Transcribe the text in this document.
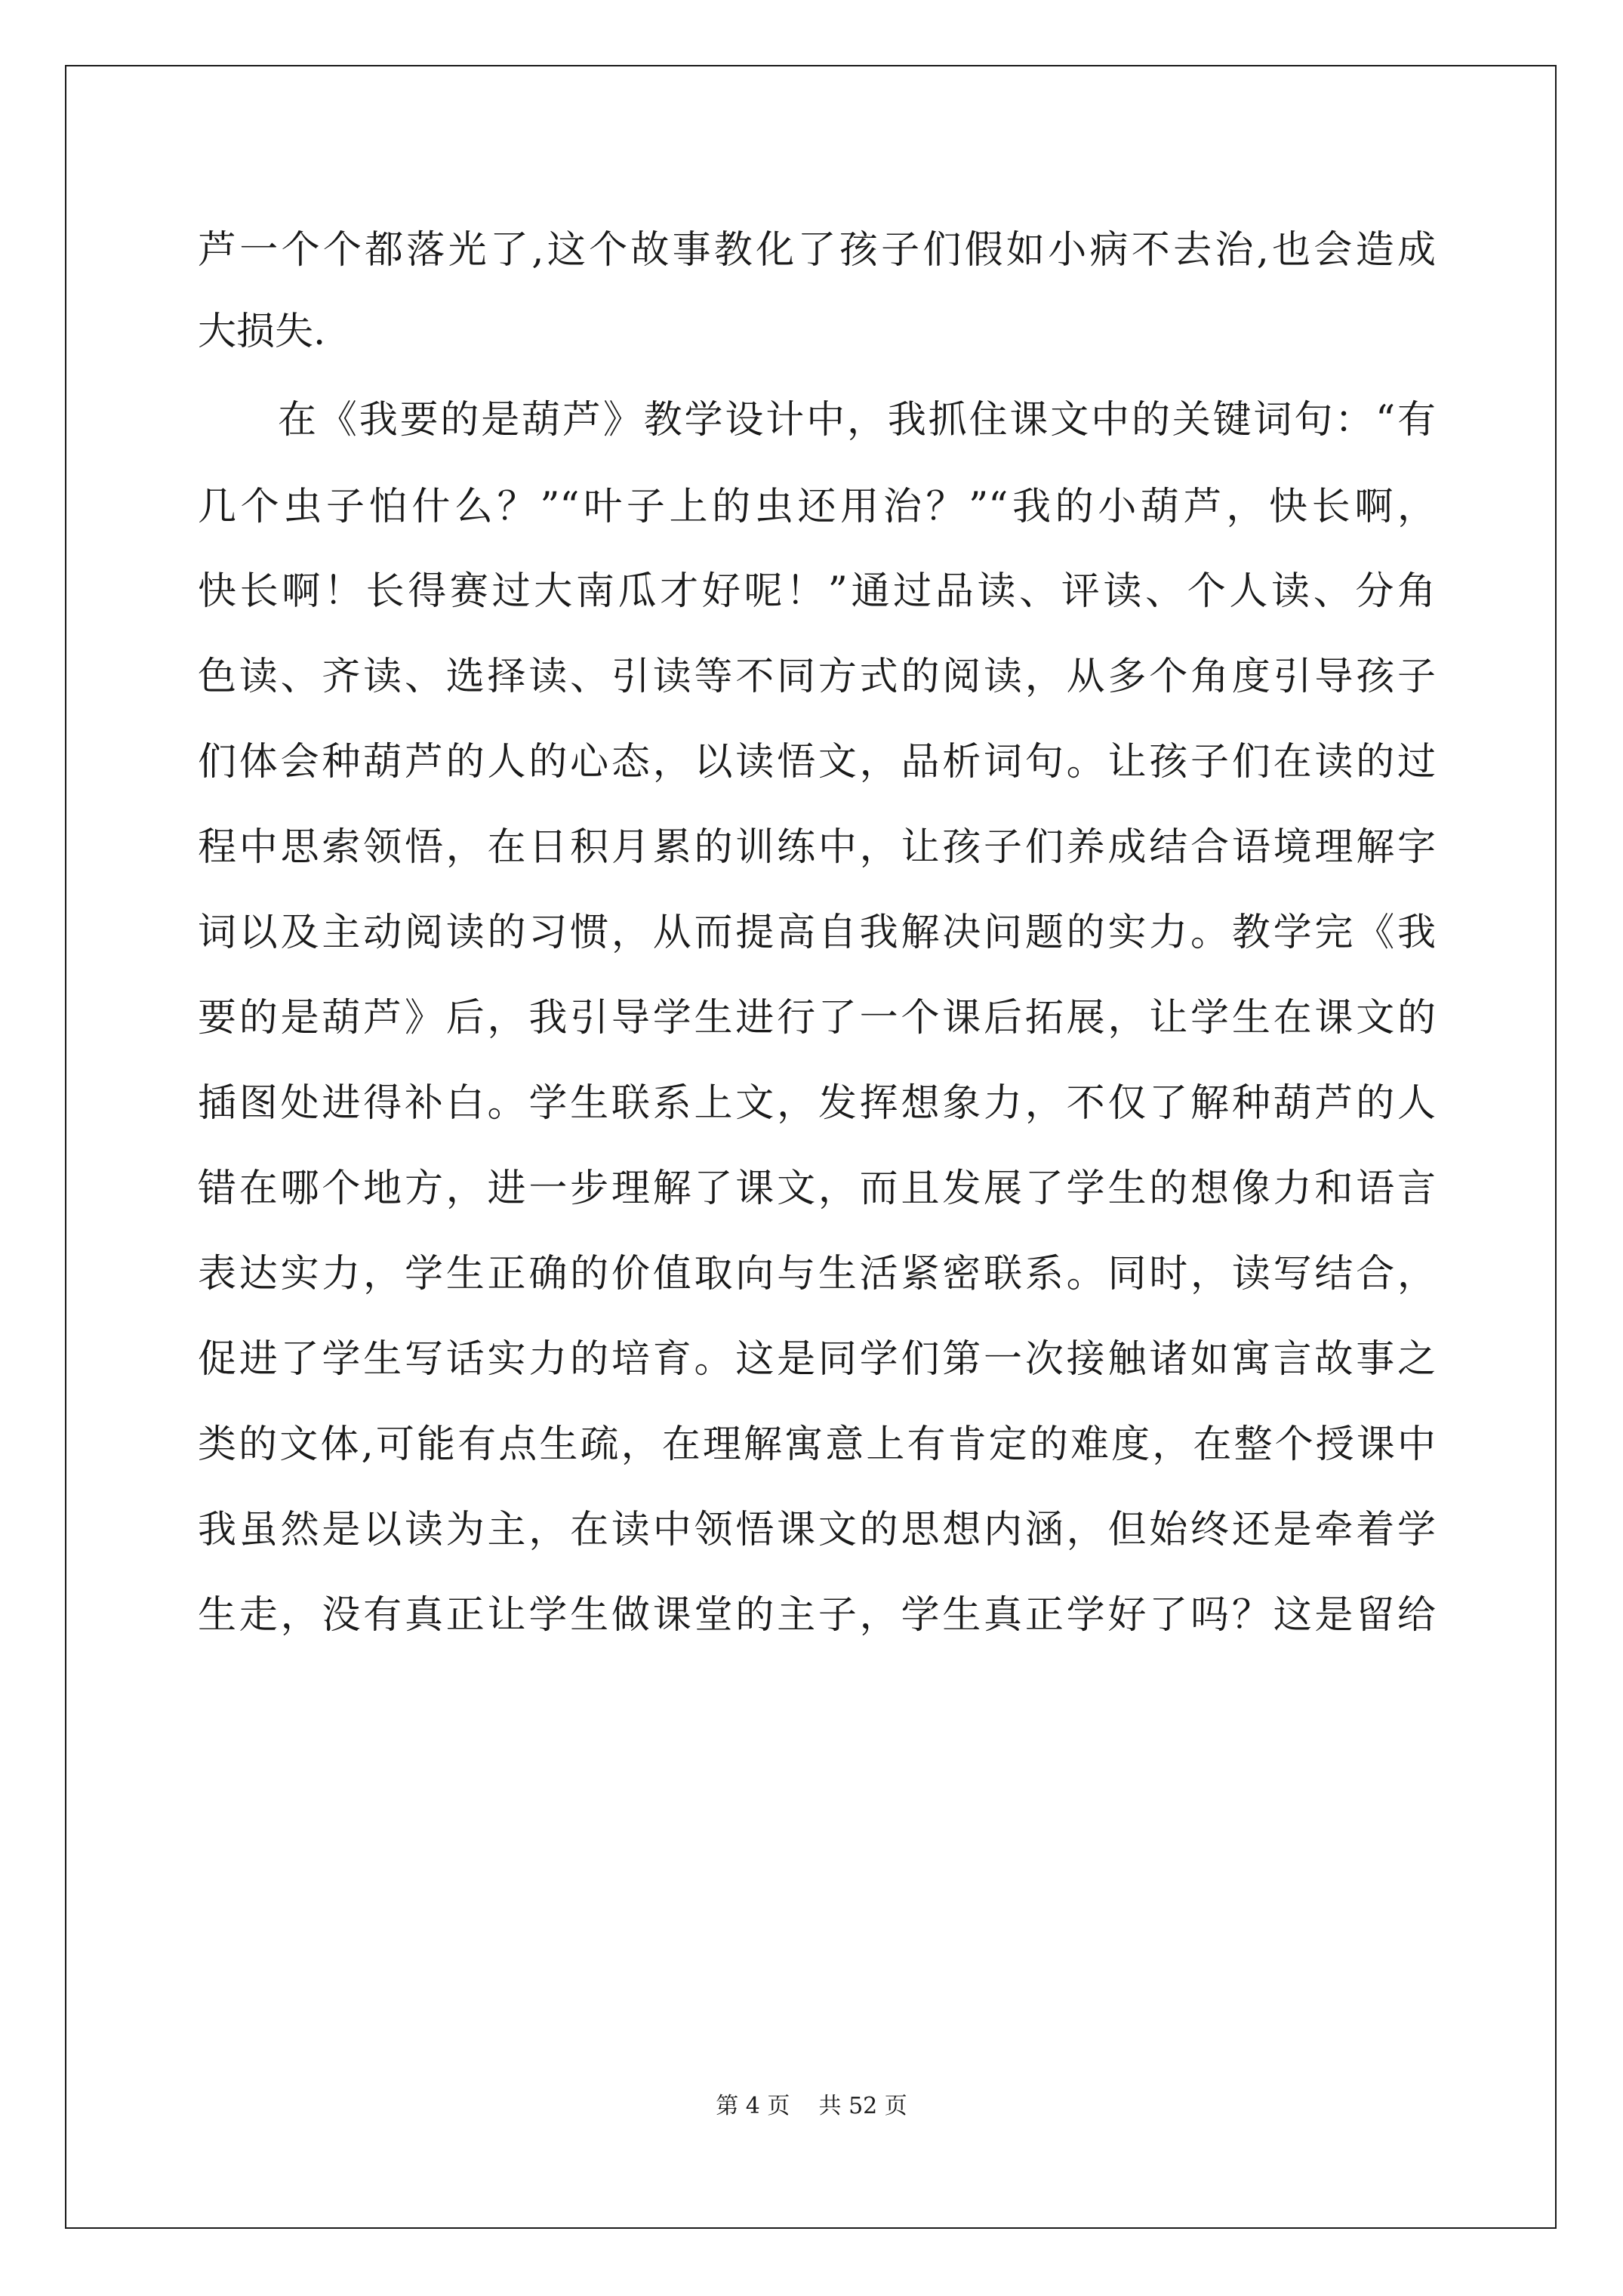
芦一个个都落光了,这个故事教化了孩子们假如小病不去治,也会造成

大损失.

在《我要的是葫芦》教学设计中，我抓住课文中的关键词句：“有

几个虫子怕什么？”“叶子上的虫还用治？”“我的小葫芦，快长啊，

快长啊！长得赛过大南瓜才好呢！”通过品读、评读、个人读、分角

色读、齐读、选择读、引读等不同方式的阅读，从多个角度引导孩子

们体会种葫芦的人的心态，以读悟文，品析词句。让孩子们在读的过

程中思索领悟，在日积月累的训练中，让孩子们养成结合语境理解字

词以及主动阅读的习惯，从而提高自我解决问题的实力。教学完《我

要的是葫芦》后，我引导学生进行了一个课后拓展，让学生在课文的

插图处进得补白。学生联系上文，发挥想象力，不仅了解种葫芦的人

错在哪个地方，进一步理解了课文，而且发展了学生的想像力和语言

表达实力，学生正确的价值取向与生活紧密联系。同时，读写结合，

促进了学生写话实力的培育。这是同学们第一次接触诸如寓言故事之

类的文体,可能有点生疏，在理解寓意上有肯定的难度，在整个授课中

我虽然是以读为主，在读中领悟课文的思想内涵，但始终还是牵着学

生走，没有真正让学生做课堂的主子，学生真正学好了吗？这是留给

第 4 页 共 52 页
